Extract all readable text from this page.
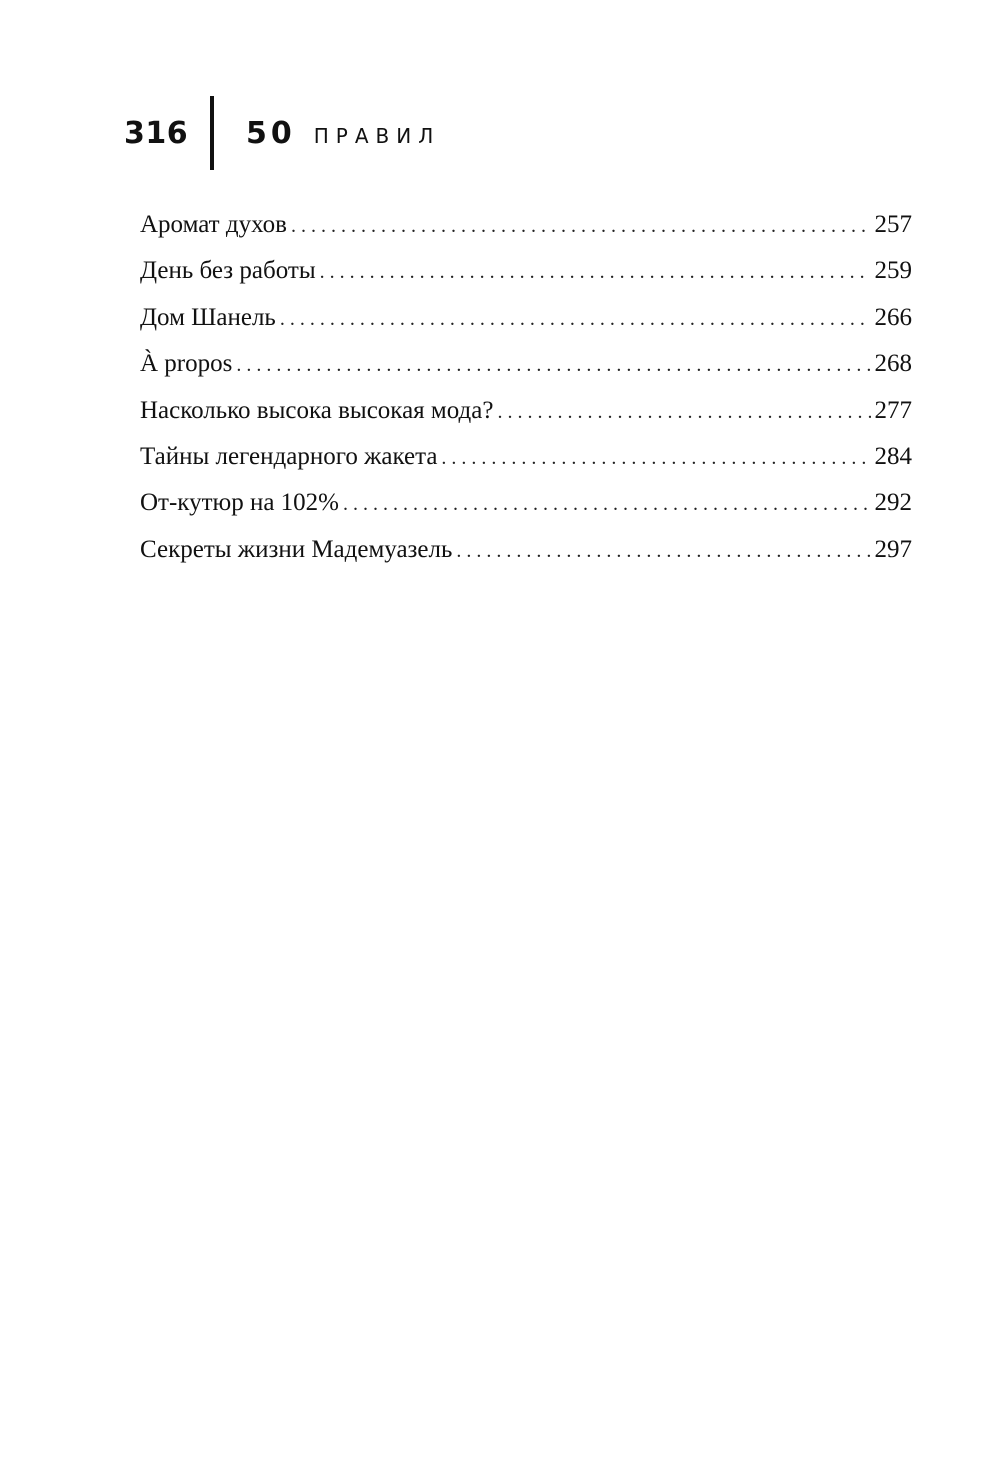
316	50 ПРАВИЛ
Аромат духов . . .	257
День без работы . . .	259
Дом Шанель . . .	266
À propos . . .	268
Насколько высока высокая мода? . . .	277
Тайны легендарного жакета . . .	284
От-кутюр на 102% . . .	292
Секреты жизни Мадемуазель . . .	297
